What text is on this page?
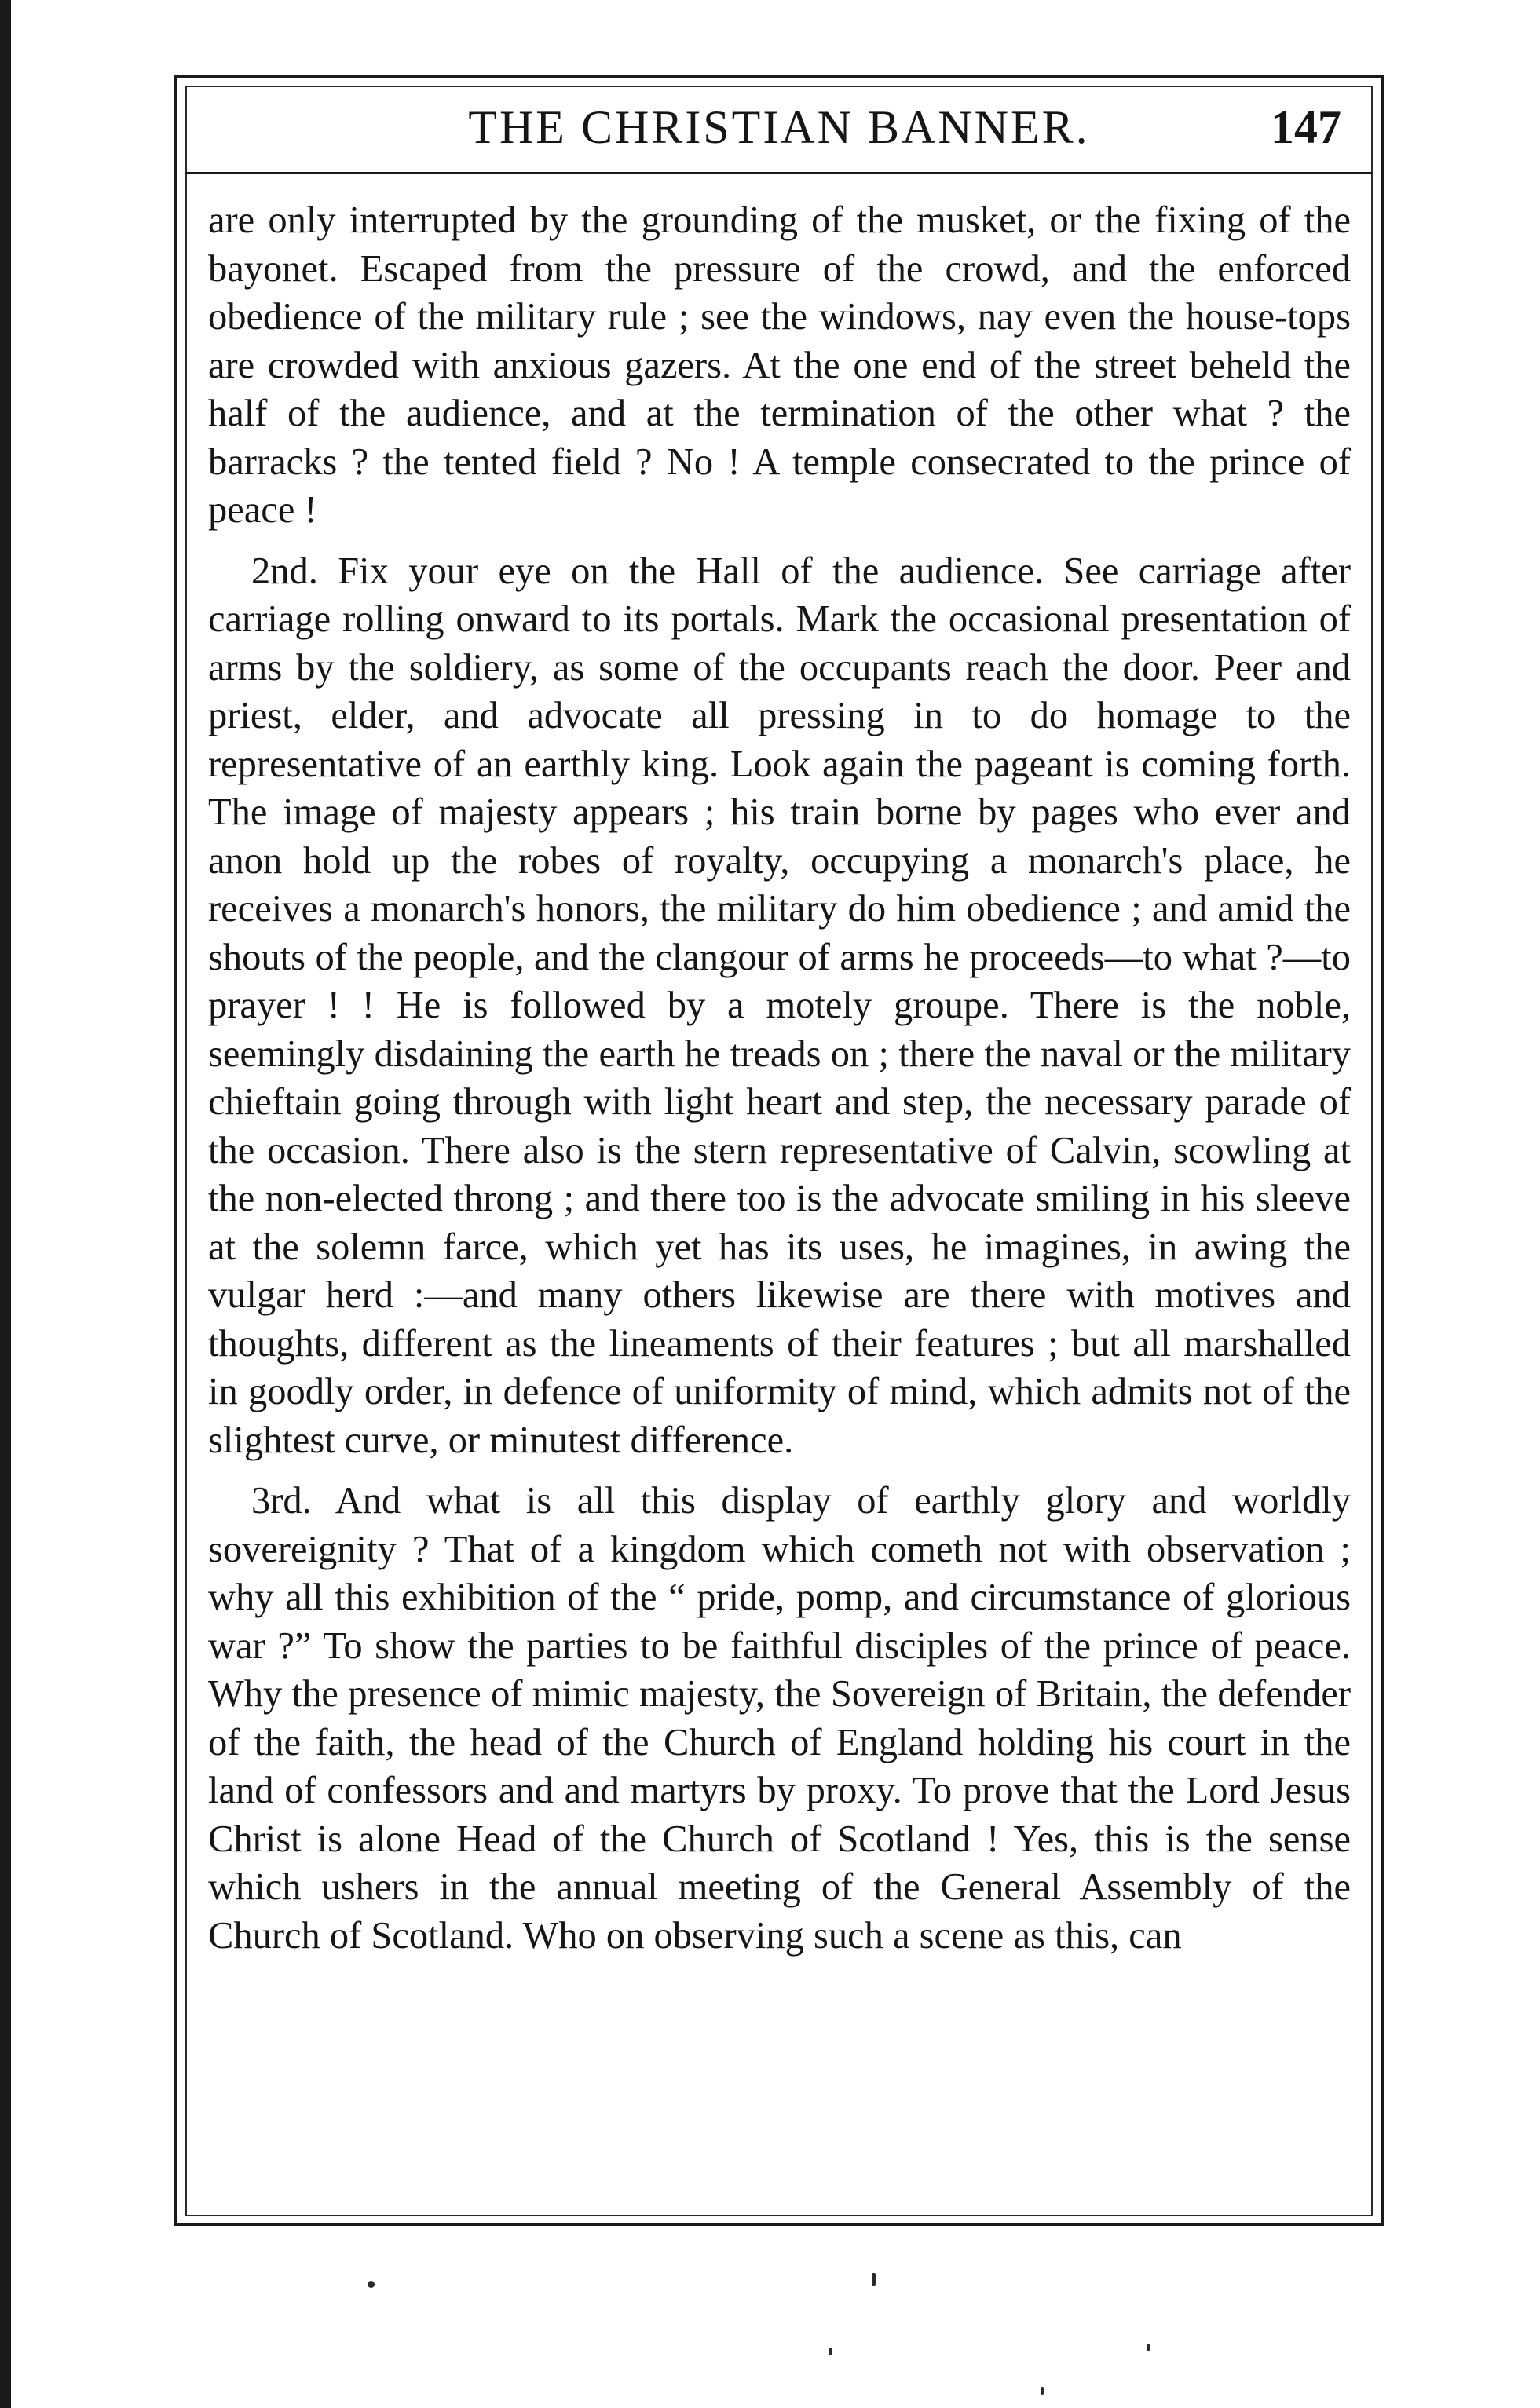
THE CHRISTIAN BANNER.	147

are only interrupted by the grounding of the musket, or the fixing of the bayonet. Escaped from the pressure of the crowd, and the enforced obedience of the military rule ; see the windows, nay even the house-tops are crowded with anxious gazers. At the one end of the street beheld the half of the audience, and at the termination of the other what ? the barracks ? the tented field ? No ! A temple consecrated to the prince of peace !

2nd. Fix your eye on the Hall of the audience. See carriage after carriage rolling onward to its portals. Mark the occasional presentation of arms by the soldiery, as some of the occupants reach the door. Peer and priest, elder, and advocate all pressing in to do homage to the representative of an earthly king. Look again the pageant is coming forth. The image of majesty appears ; his train borne by pages who ever and anon hold up the robes of royalty, occupying a monarch's place, he receives a monarch's honors, the military do him obedience ; and amid the shouts of the people, and the clangour of arms he proceeds—to what ?—to prayer ! ! He is followed by a motely groupe. There is the noble, seemingly disdaining the earth he treads on ; there the naval or the military chieftain going through with light heart and step, the necessary parade of the occasion. There also is the stern representative of Calvin, scowling at the non-elected throng ; and there too is the advocate smiling in his sleeve at the solemn farce, which yet has its uses, he imagines, in awing the vulgar herd :—and many others likewise are there with motives and thoughts, different as the lineaments of their features ; but all marshalled in goodly order, in defence of uniformity of mind, which admits not of the slightest curve, or minutest difference.

3rd. And what is all this display of earthly glory and worldly sovereignity ? That of a kingdom which cometh not with observation ; why all this exhibition of the “ pride, pomp, and circumstance of glorious war ?” To show the parties to be faithful disciples of the prince of peace. Why the presence of mimic majesty, the Sovereign of Britain, the defender of the faith, the head of the Church of England holding his court in the land of confessors and and martyrs by proxy. To prove that the Lord Jesus Christ is alone Head of the Church of Scotland ! Yes, this is the sense which ushers in the annual meeting of the General Assembly of the Church of Scotland. Who on observing such a scene as this, can
